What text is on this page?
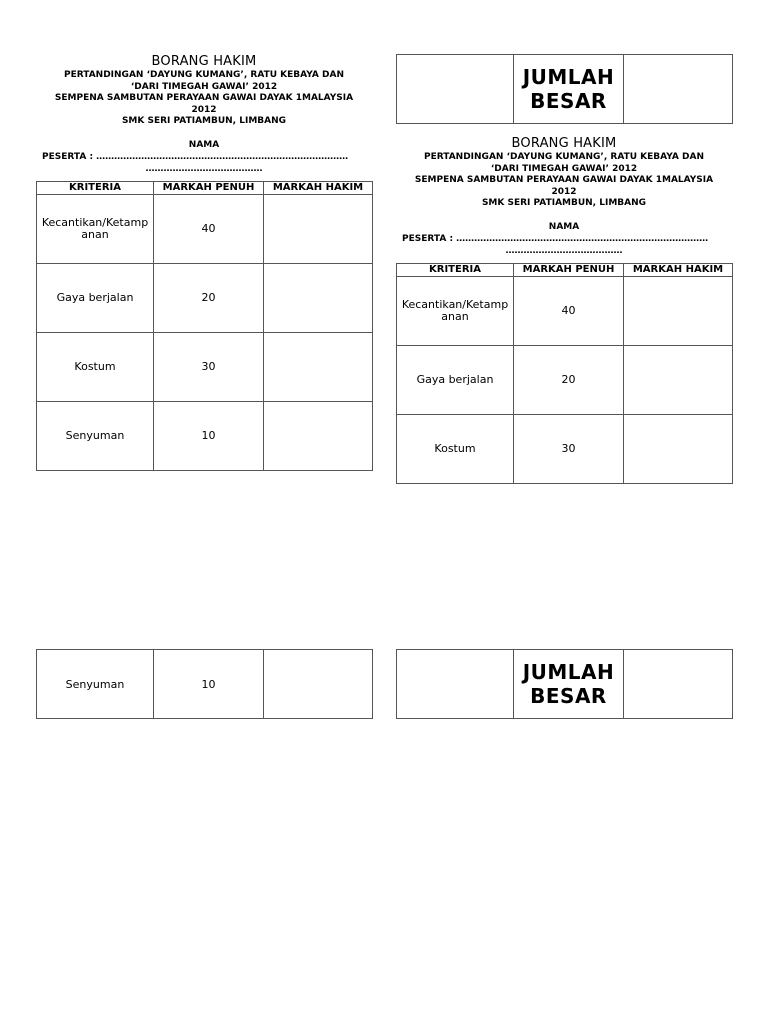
BORANG HAKIM
PERTANDINGAN ‘DAYUNG KUMANG’, RATU KEBAYA DAN
‘DARI TIMEGAH GAWAI’ 2012
SEMPENA SAMBUTAN PERAYAAN GAWAI DAYAK 1MALAYSIA
2012
SMK SERI PATIAMBUN, LIMBANG
NAMA
PESERTA : …………………………………………………………………………
…………………………………
KRITERIA	MARKAH PENUH	MARKAH HAKIM
Kecantikan/Ketampanan	40	
Gaya berjalan	20	
Kostum	30	
Senyuman	10	

JUMLAH
BESAR

BORANG HAKIM
PERTANDINGAN ‘DAYUNG KUMANG’, RATU KEBAYA DAN
‘DARI TIMEGAH GAWAI’ 2012
SEMPENA SAMBUTAN PERAYAAN GAWAI DAYAK 1MALAYSIA
2012
SMK SERI PATIAMBUN, LIMBANG
NAMA
PESERTA : …………………………………………………………………………
…………………………………
KRITERIA	MARKAH PENUH	MARKAH HAKIM
Kecantikan/Ketampanan	40	
Gaya berjalan	20	
Kostum	30	
Senyuman	10	
		JUMLAH
BESAR
